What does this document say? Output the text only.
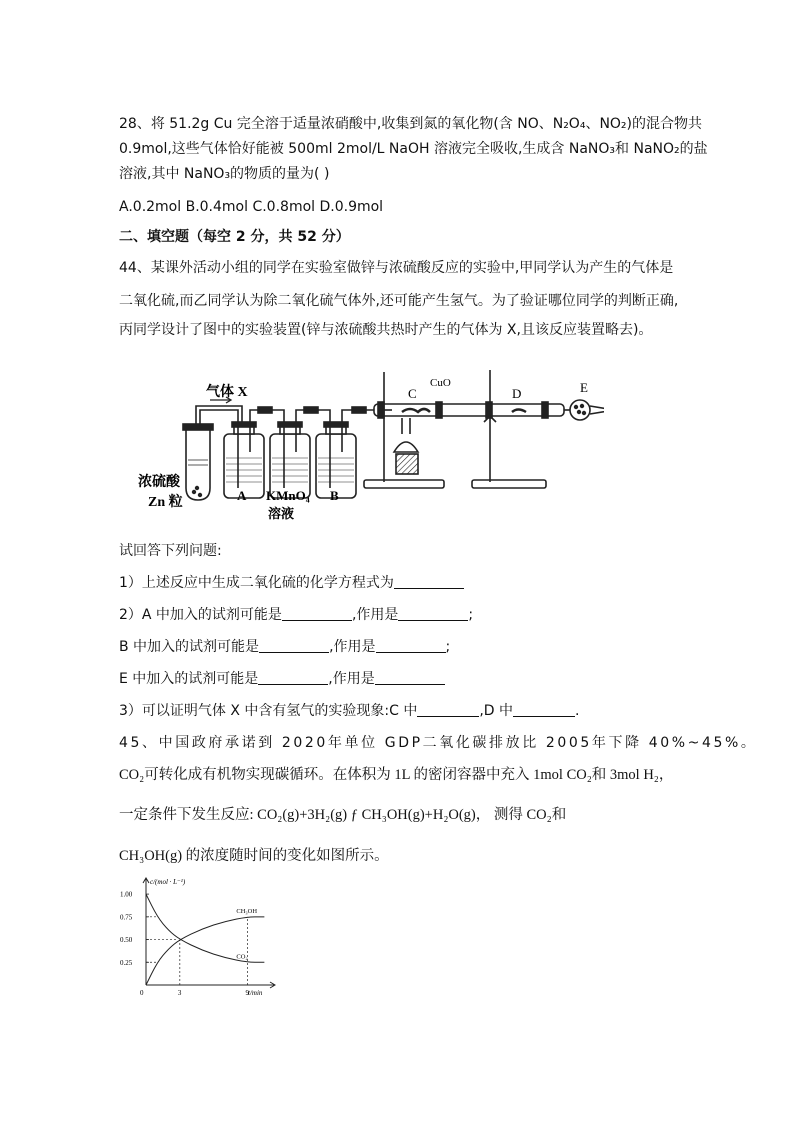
28、将 51.2g Cu 完全溶于适量浓硝酸中,收集到氮的氧化物(含 NO、N₂O₄、NO₂)的混合物共
0.9mol,这些气体恰好能被 500ml 2mol/L NaOH 溶液完全吸收,生成含 NaNO₃和 NaNO₂的盐
溶液,其中 NaNO₃的物质的量为( )
A.0.2mol B.0.4mol C.0.8mol D.0.9mol
二、填空题（每空 2 分，共 52 分）
44、某课外活动小组的同学在实验室做锌与浓硫酸反应的实验中,甲同学认为产生的气体是
二氧化硫,而乙同学认为除二氧化硫气体外,还可能产生氢气。为了验证哪位同学的判断正确,
丙同学设计了图中的实验装置(锌与浓硫酸共热时产生的气体为 X,且该反应装置略去)。
气体 X
浓硫酸
Zn 粒	A KMnO₄
溶液
B
C
CuO
D	E
试回答下列问题:
1）上述反应中生成二氧化硫的化学方程式为
2）A 中加入的试剂可能是	,作用是	;
B 中加入的试剂可能是	,作用是	;
E 中加入的试剂可能是	,作用是
3）可以证明气体 X 中含有氢气的实验现象:C 中	,D 中	.
45、中国政府承诺到 2020年单位 GDP二氧化碳排放比 2005年下降 40%~45%。
CO₂可转化成有机物实现碳循环。在体积为 1L 的密闭容器中充入 1mol CO₂和 3mol H₂，
一定条件下发生反应: CO₂(g)+3H₂(g) ƒ CH₃OH(g)+H₂O(g)， 测得 CO₂和
CH₃OH(g) 的浓度随时间的变化如图所示。
c/(mol · L⁻¹)
t/min
1.00
0.75
0.50
0.25
0	3	9
CH₃OH
CO₂
